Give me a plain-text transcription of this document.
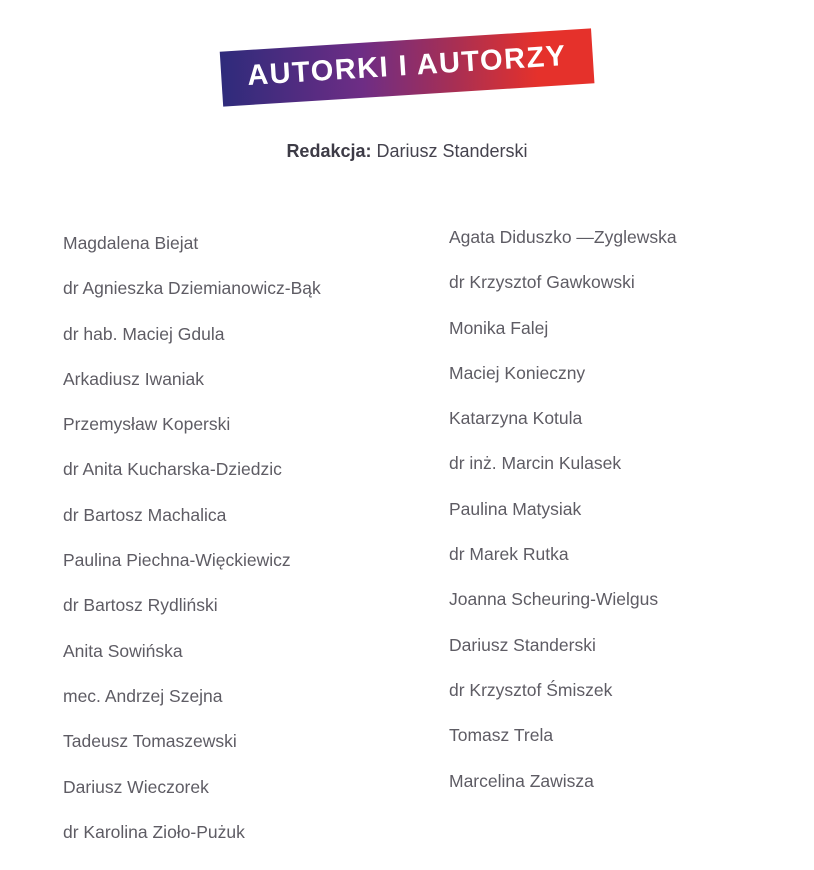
AUTORKI I AUTORZY
Redakcja: Dariusz Standerski
Magdalena Biejat
dr Agnieszka Dziemianowicz-Bąk
dr hab. Maciej Gdula
Arkadiusz Iwaniak
Przemysław Koperski
dr Anita Kucharska-Dziedzic
dr Bartosz Machalica
Paulina Piechna-Więckiewicz
dr Bartosz Rydliński
Anita Sowińska
mec. Andrzej Szejna
Tadeusz Tomaszewski
Dariusz Wieczorek
dr Karolina Zioło-Pużuk
Agata Diduszko —Zyglewska
dr Krzysztof Gawkowski
Monika Falej
Maciej Konieczny
Katarzyna Kotula
dr inż. Marcin Kulasek
Paulina Matysiak
dr Marek Rutka
Joanna Scheuring-Wielgus
Dariusz Standerski
dr Krzysztof Śmiszek
Tomasz Trela
Marcelina Zawisza
